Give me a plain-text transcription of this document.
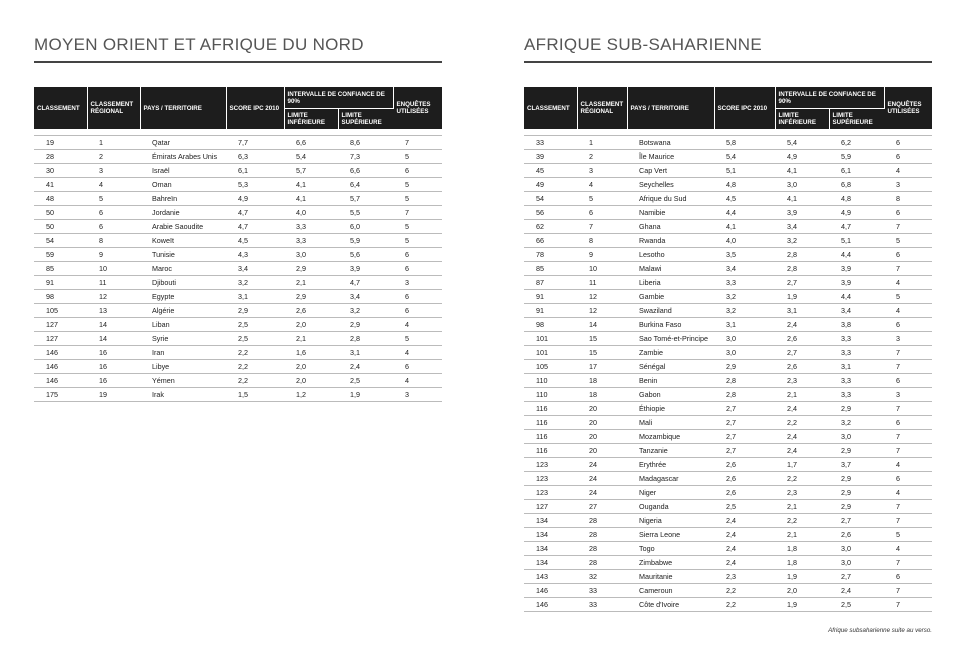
MOYEN ORIENT ET AFRIQUE DU NORD
CLASSEMENT	CLASSEMENT RÉGIONAL	PAYS / TERRITOIRE	SCORE IPC 2010	INTERVALLE DE CONFIANCE DE 90%		ENQUÊTES UTILISÉES
				LIMITE INFÉRIEURE	LIMITE SUPÉRIEURE	

19	1	Qatar	7,7	6,6	8,6	7
28	2	Émirats Arabes Unis	6,3	5,4	7,3	5
30	3	Israël	6,1	5,7	6,6	6
41	4	Oman	5,3	4,1	6,4	5
48	5	Bahreïn	4,9	4,1	5,7	5
50	6	Jordanie	4,7	4,0	5,5	7
50	6	Arabie Saoudite	4,7	3,3	6,0	5
54	8	Koweït	4,5	3,3	5,9	5
59	9	Tunisie	4,3	3,0	5,6	6
85	10	Maroc	3,4	2,9	3,9	6
91	11	Djibouti	3,2	2,1	4,7	3
98	12	Egypte	3,1	2,9	3,4	6
105	13	Algérie	2,9	2,6	3,2	6
127	14	Liban	2,5	2,0	2,9	4
127	14	Syrie	2,5	2,1	2,8	5
146	16	Iran	2,2	1,6	3,1	4
146	16	Libye	2,2	2,0	2,4	6
146	16	Yémen	2,2	2,0	2,5	4
175	19	Irak	1,5	1,2	1,9	3
AFRIQUE SUB-SAHARIENNE
CLASSEMENT	CLASSEMENT RÉGIONAL	PAYS / TERRITOIRE	SCORE IPC 2010	INTERVALLE DE CONFIANCE DE 90%		ENQUÊTES UTILISÉES
				LIMITE INFÉRIEURE	LIMITE SUPÉRIEURE	

33	1	Botswana	5,8	5,4	6,2	6
39	2	Île Maurice	5,4	4,9	5,9	6
45	3	Cap Vert	5,1	4,1	6,1	4
49	4	Seychelles	4,8	3,0	6,8	3
54	5	Afrique du Sud	4,5	4,1	4,8	8
56	6	Namibie	4,4	3,9	4,9	6
62	7	Ghana	4,1	3,4	4,7	7
66	8	Rwanda	4,0	3,2	5,1	5
78	9	Lesotho	3,5	2,8	4,4	6
85	10	Malawi	3,4	2,8	3,9	7
87	11	Liberia	3,3	2,7	3,9	4
91	12	Gambie	3,2	1,9	4,4	5
91	12	Swaziland	3,2	3,1	3,4	4
98	14	Burkina Faso	3,1	2,4	3,8	6
101	15	Sao Tomé-et-Principe	3,0	2,6	3,3	3
101	15	Zambie	3,0	2,7	3,3	7
105	17	Sénégal	2,9	2,6	3,1	7
110	18	Benin	2,8	2,3	3,3	6
110	18	Gabon	2,8	2,1	3,3	3
116	20	Éthiopie	2,7	2,4	2,9	7
116	20	Mali	2,7	2,2	3,2	6
116	20	Mozambique	2,7	2,4	3,0	7
116	20	Tanzanie	2,7	2,4	2,9	7
123	24	Erythrée	2,6	1,7	3,7	4
123	24	Madagascar	2,6	2,2	2,9	6
123	24	Niger	2,6	2,3	2,9	4
127	27	Ouganda	2,5	2,1	2,9	7
134	28	Nigeria	2,4	2,2	2,7	7
134	28	Sierra Leone	2,4	2,1	2,6	5
134	28	Togo	2,4	1,8	3,0	4
134	28	Zimbabwe	2,4	1,8	3,0	7
143	32	Mauritanie	2,3	1,9	2,7	6
146	33	Cameroun	2,2	2,0	2,4	7
146	33	Côte d'Ivoire	2,2	1,9	2,5	7
Afrique subsaharienne suite au verso.
